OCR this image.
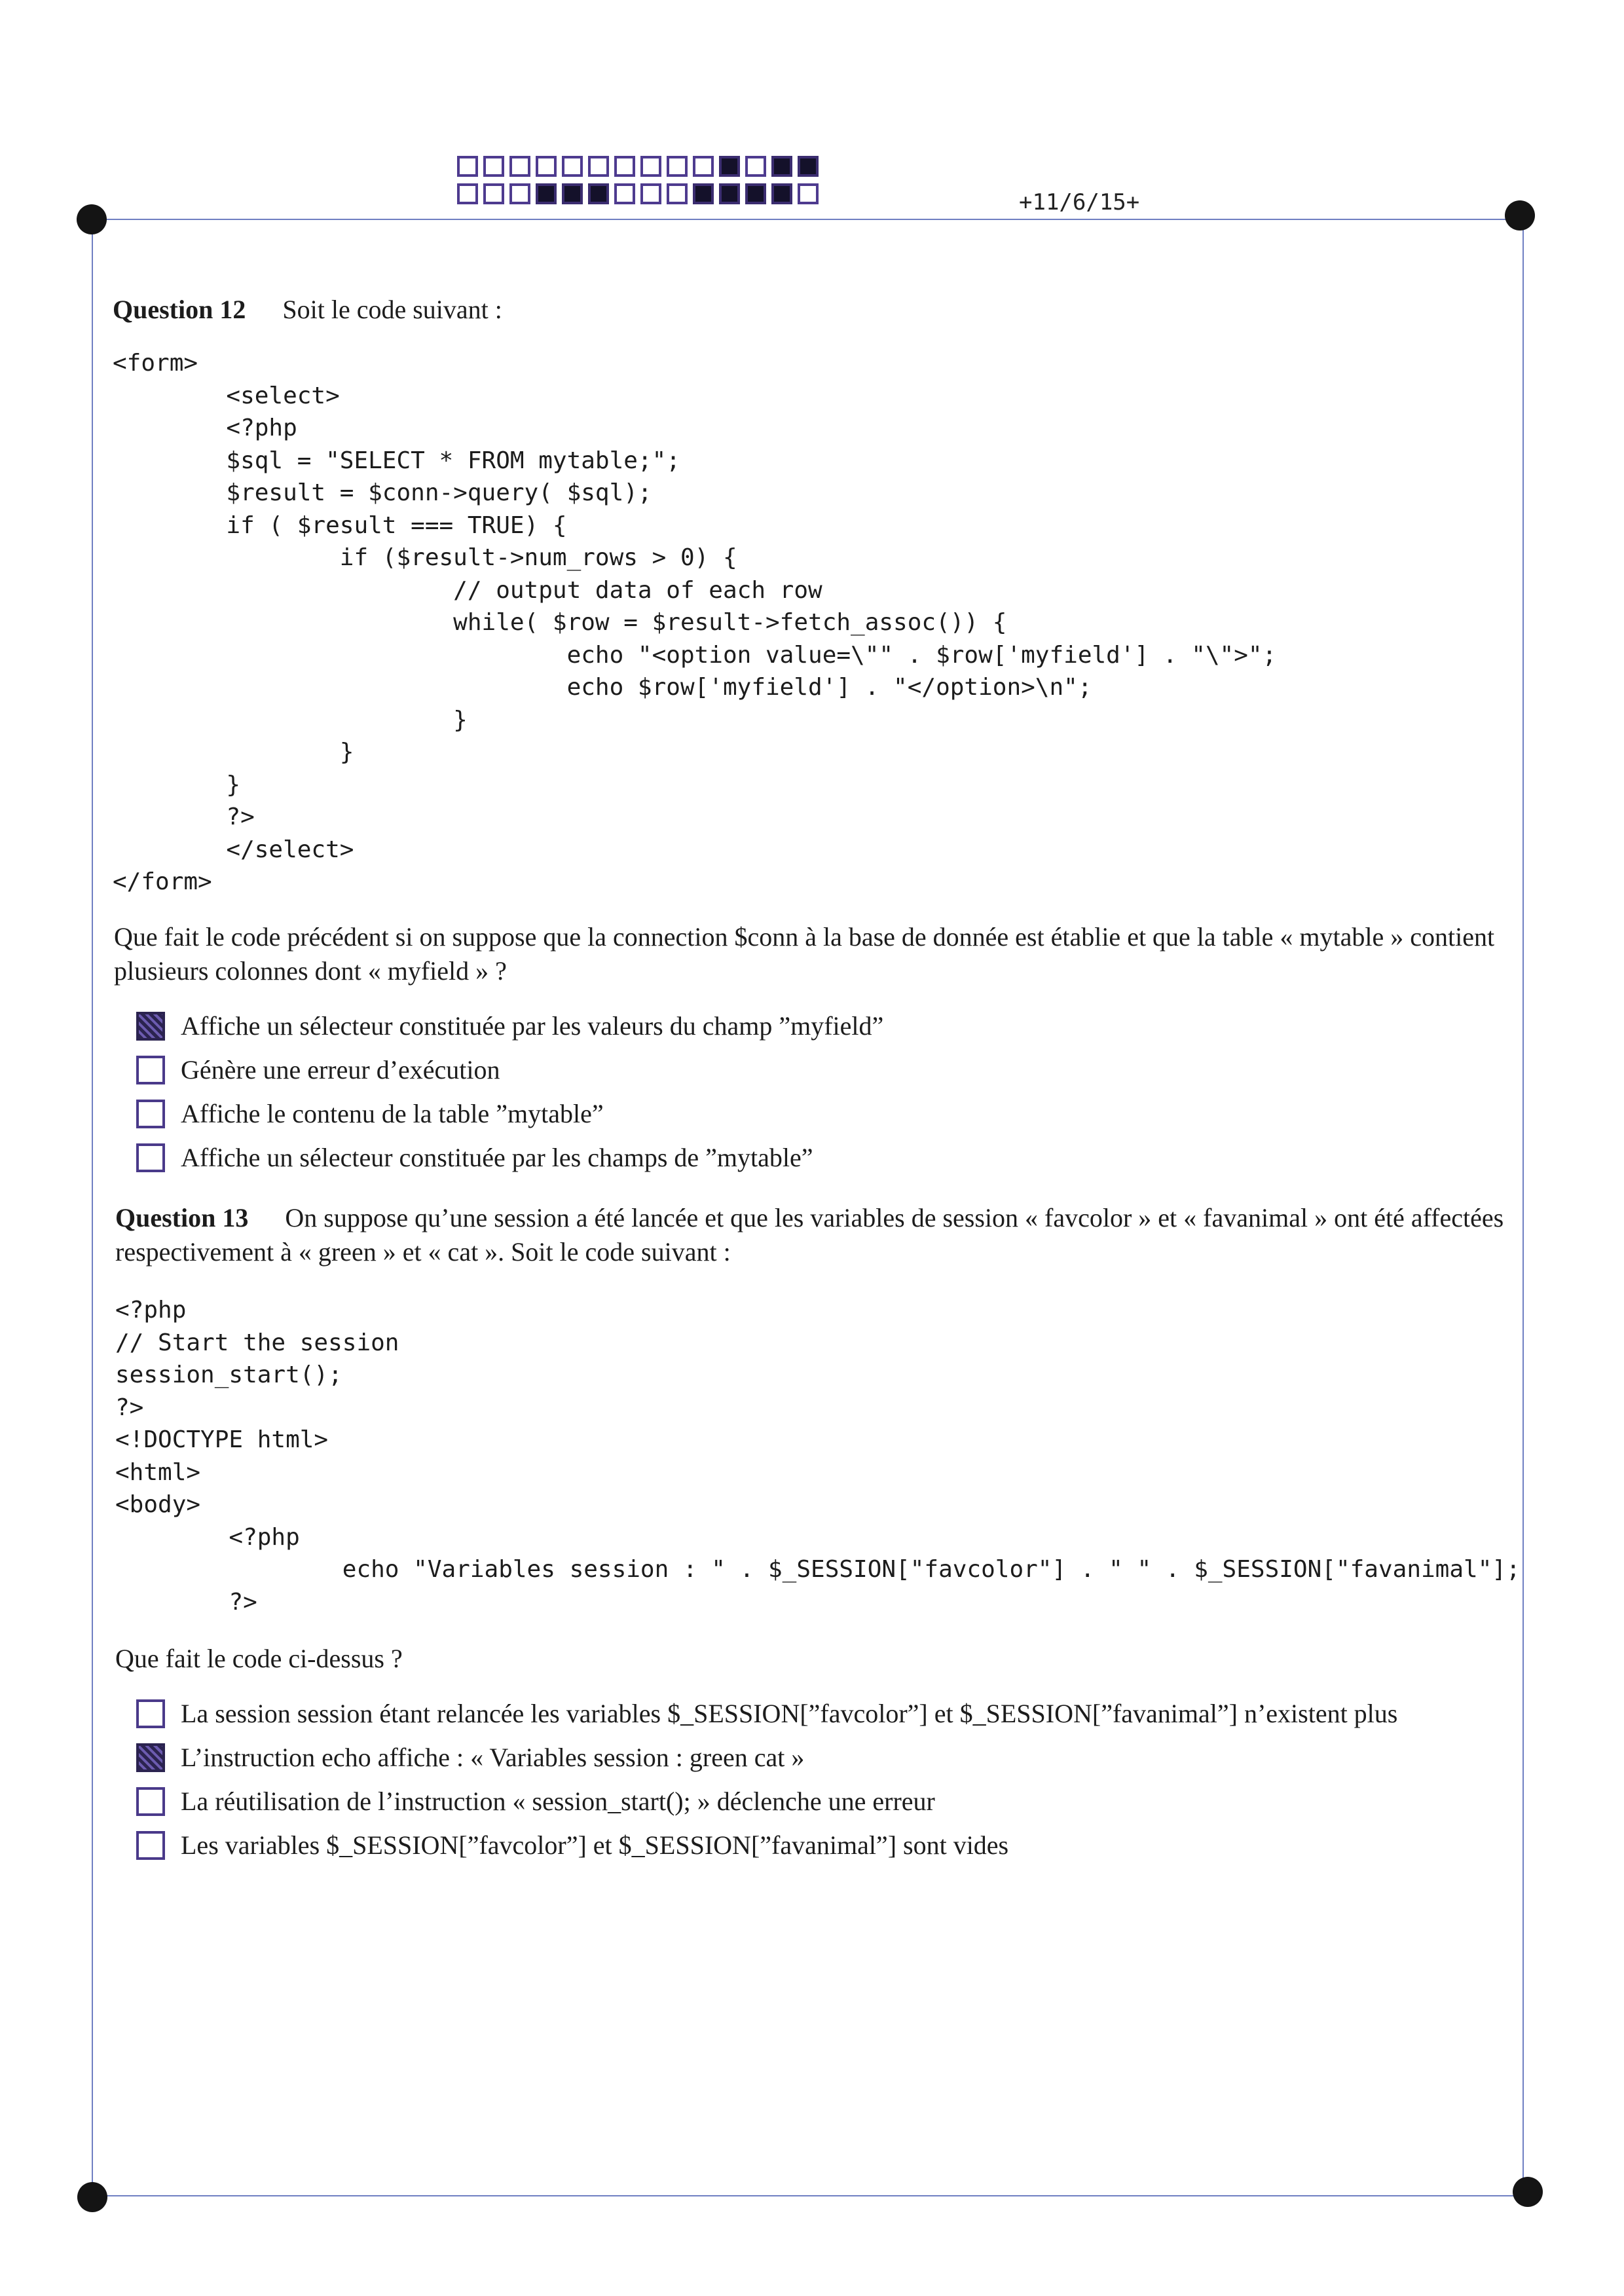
+11/6/15+
Question 12 Soit le code suivant :
<form>
<select>
<?php
$sql = "SELECT * FROM mytable;";
$result = $conn->query( $sql);
if ( $result === TRUE) {
if ($result->num_rows > 0) {
// output data of each row
while( $row = $result->fetch_assoc()) {
echo "<option value=\"" . $row['myfield'] . "\">";
echo $row['myfield'] . "</option>\n";
}
}
}
?>
</select>
</form>
Que fait le code précédent si on suppose que la connection $conn à la base de donnée est établie et que la table « mytable » contient plusieurs colonnes dont « myfield » ?
Affiche un sélecteur constituée par les valeurs du champ ”myfield”
Génère une erreur d’exécution
Affiche le contenu de la table ”mytable”
Affiche un sélecteur constituée par les champs de ”mytable”
Question 13 On suppose qu’une session a été lancée et que les variables de session « favcolor » et « favanimal » ont été affectées respectivement à « green » et « cat ». Soit le code suivant :
<?php
// Start the session
session_start();
?>
<!DOCTYPE html>
<html>
<body>
<?php
echo "Variables session : " . $_SESSION["favcolor"] . " " . $_SESSION["favanimal"];
?>
Que fait le code ci-dessus ?
La session session étant relancée les variables $_SESSION[”favcolor”] et $_SESSION[”favanimal”] n’existent plus
L’instruction echo affiche : « Variables session : green cat »
La réutilisation de l’instruction « session_start(); » déclenche une erreur
Les variables $_SESSION[”favcolor”] et $_SESSION[”favanimal”] sont vides
